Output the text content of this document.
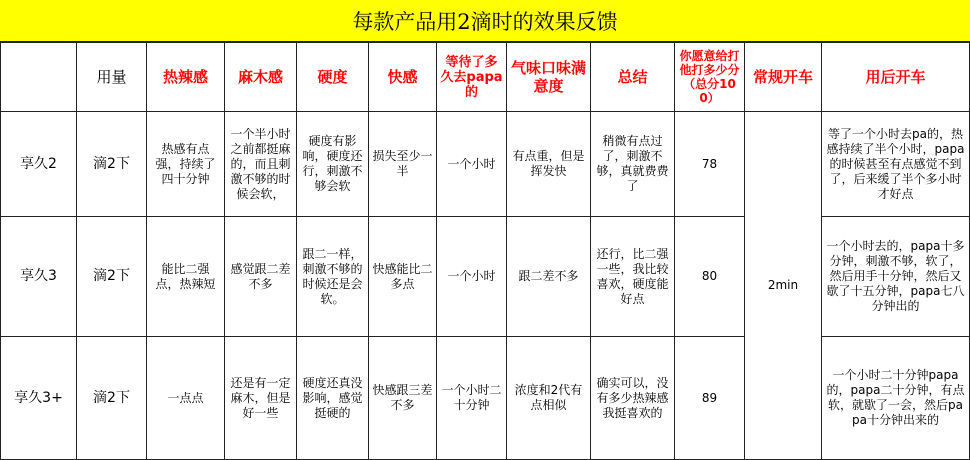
每款产品用2滴时的效果反馈
	用量	热辣感	麻木感	硬度	快感	等待了多久去papa的	气味口味满意度	总结	你愿意给打他打多少分（总分100）	常规开车	用后开车
享久2	滴2下	热感有点强，持续了四十分钟	一个半小时之前都挺麻的，而且刺激不够的时候会软，	硬度有影响，硬度还行，刺激不够会软	损失至少一半	一个小时	有点重，但是挥发快	稍微有点过了，刺激不够，真就费费了	78	2min	等了一个小时去pa的，热感持续了半个小时，papa的时候甚至有点感觉不到了，后来缓了半个多小时才好点
享久3	滴2下	能比二强点，热辣短	感觉跟二差不多	跟二一样，刺激不够的时候还是会软。	快感能比二多点	一个小时	跟二差不多	还行，比二强一些，我比较喜欢，硬度能好点	80		一个小时去的，papa十多分钟，刺激不够，软了，然后用手十分钟，然后又歇了十五分钟，papa七八分钟出的
享久3+	滴2下	一点点	还是有一定麻木，但是好一些	硬度还真没影响，感觉挺硬的	快感跟三差不多	一个小时二十分钟	浓度和2代有点相似	确实可以，没有多少热辣感我挺喜欢的	89		一个小时二十分钟papa的，papa二十分钟，有点软，就歇了一会，然后papa十分钟出来的
